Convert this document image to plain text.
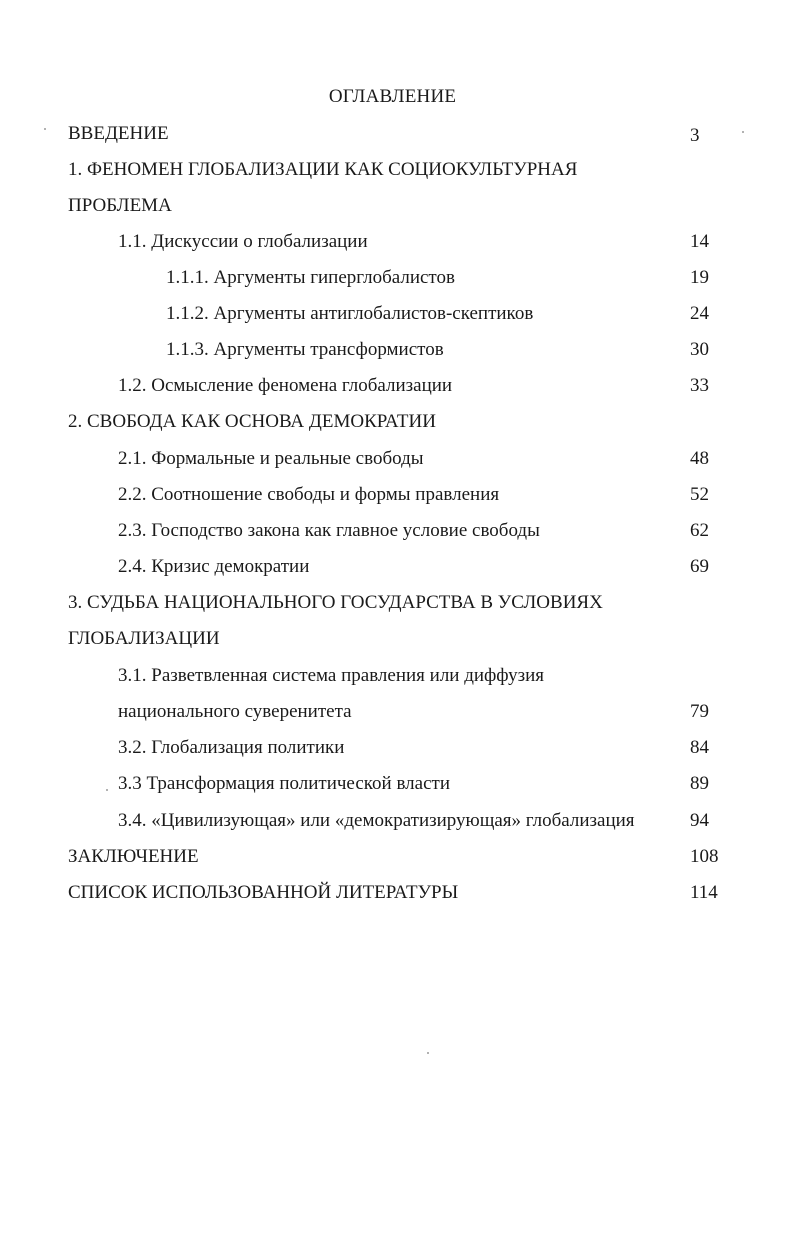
ОГЛАВЛЕНИЕ
ВВЕДЕНИЕ	3
1. ФЕНОМЕН ГЛОБАЛИЗАЦИИ КАК СОЦИОКУЛЬТУРНАЯ
ПРОБЛЕМА
1.1. Дискуссии о глобализации	14
1.1.1. Аргументы гиперглобалистов	19
1.1.2. Аргументы антиглобалистов-скептиков	24
1.1.3. Аргументы трансформистов	30
1.2. Осмысление феномена глобализации	33
2. СВОБОДА КАК ОСНОВА ДЕМОКРАТИИ
2.1. Формальные и реальные свободы	48
2.2. Соотношение свободы и формы правления	52
2.3. Господство закона как главное условие свободы	62
2.4. Кризис демократии	69
3. СУДЬБА НАЦИОНАЛЬНОГО ГОСУДАРСТВА В УСЛОВИЯХ
ГЛОБАЛИЗАЦИИ
3.1. Разветвленная система правления или диффузия
национального суверенитета	79
3.2. Глобализация политики	84
3.3 Трансформация политической власти	89
3.4. «Цивилизующая» или «демократизирующая» глобализация	94
ЗАКЛЮЧЕНИЕ	108
СПИСОК ИСПОЛЬЗОВАННОЙ ЛИТЕРАТУРЫ	114
